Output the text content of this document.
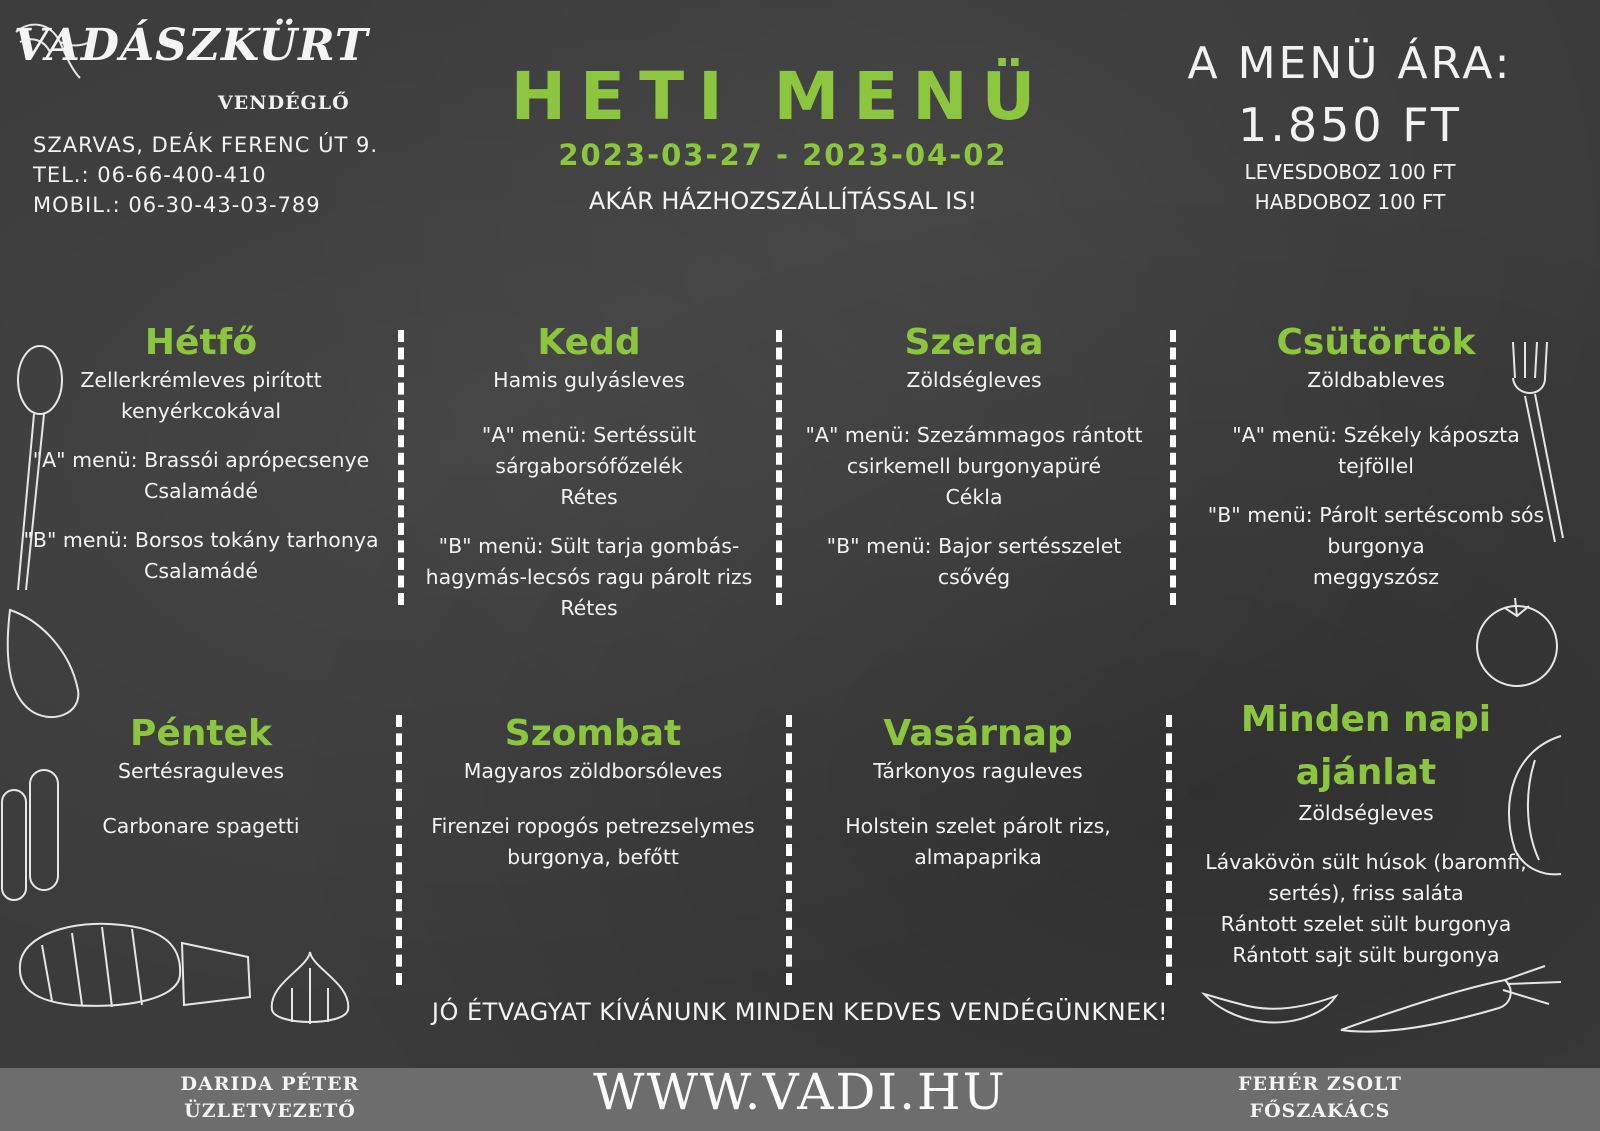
VADÁSZKÜRT
VENDÉGLŐ
SZARVAS, DEÁK FERENC ÚT 9.
TEL.: 06-66-400-410
MOBIL.: 06-30-43-03-789
HETI MENÜ
2023-03-27 - 2023-04-02
AKÁR HÁZHOZSZÁLLÍTÁSSAL IS!
A MENÜ ÁRA:
1.850 FT
LEVESDOBOZ 100 FT
HABDOBOZ 100 FT
Hétfő
Zellerkrémleves pirított
kenyérkcokával
"A" menü: Brassói aprópecsenye
Csalamádé
"B" menü: Borsos tokány tarhonya
Csalamádé
Kedd
Hamis gulyásleves
"A" menü: Sertéssült
sárgaborsófőzelék
Rétes
"B" menü: Sült tarja gombás-
hagymás-lecsós ragu párolt rizs
Rétes
Szerda
Zöldségleves
"A" menü: Szezámmagos rántott
csirkemell burgonyapüré
Cékla
"B" menü: Bajor sertésszelet
csővég
Csütörtök
Zöldbableves
"A" menü: Székely káposzta
tejföllel
"B" menü: Párolt sertéscomb sós
burgonya
meggyszósz
Péntek
Sertésraguleves
Carbonare spagetti
Szombat
Magyaros zöldborsóleves
Firenzei ropogós petrezselymes
burgonya, befőtt
Vasárnap
Tárkonyos raguleves
Holstein szelet párolt rizs,
almapaprika
Minden napi
ajánlat
Zöldségleves
Lávakövön sült húsok (baromfi,
sertés), friss saláta
Rántott szelet sült burgonya
Rántott sajt sült burgonya
JÓ ÉTVAGYAT KÍVÁNUNK MINDEN KEDVES VENDÉGÜNKNEK!
DARIDA PÉTER
ÜZLETVEZETŐ	WWW.VADI.HU	FEHÉR ZSOLT
FŐSZAKÁCS
